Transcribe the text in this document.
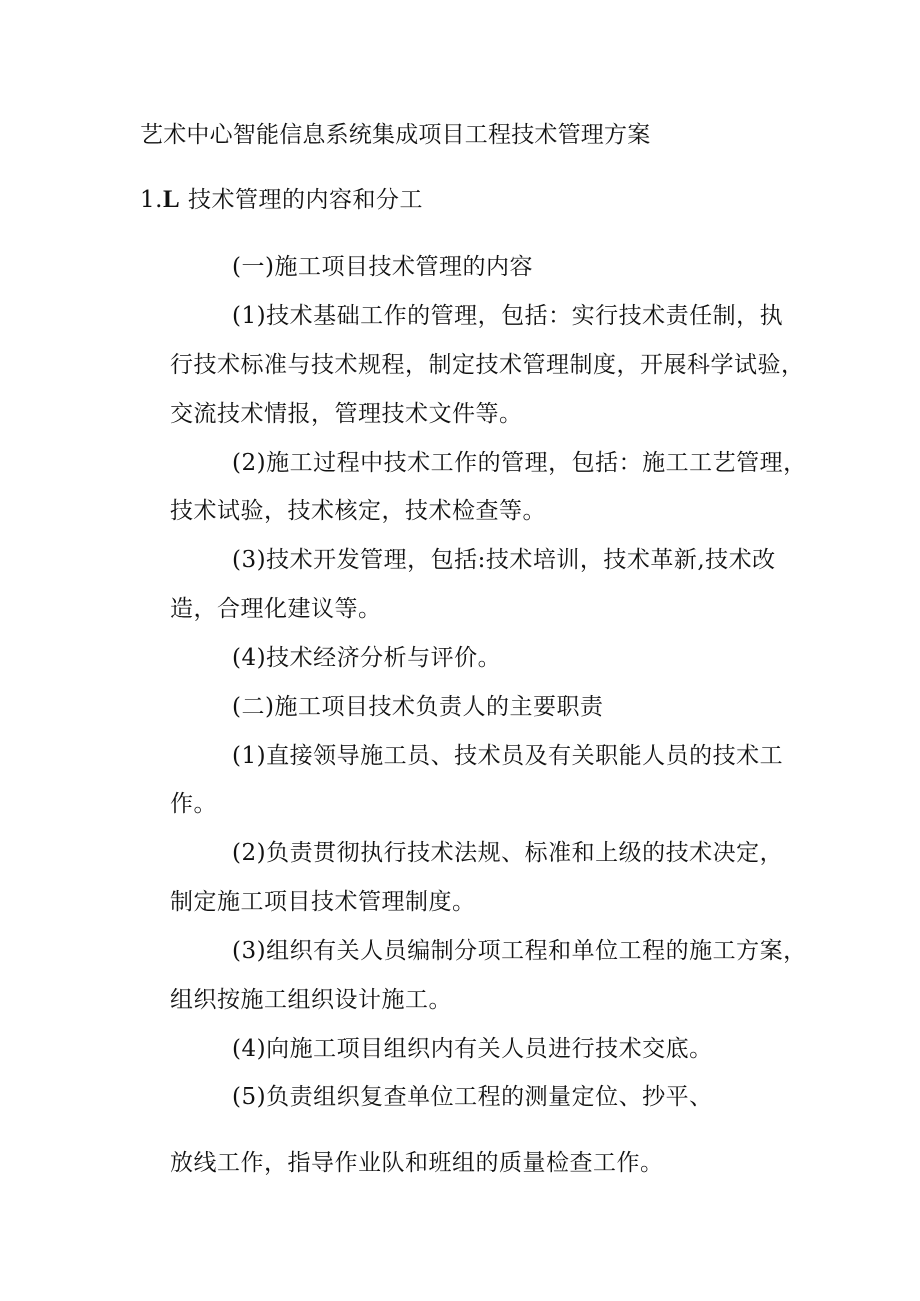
艺术中心智能信息系统集成项目工程技术管理方案
1.L 技术管理的内容和分工
(一)施工项目技术管理的内容
(1)技术基础工作的管理，包括：实行技术责任制，执
行技术标准与技术规程，制定技术管理制度，开展科学试验，
交流技术情报，管理技术文件等。
(2)施工过程中技术工作的管理，包括：施工工艺管理，
技术试验，技术核定，技术检查等。
(3)技术开发管理，包括:技术培训，技术革新,技术改
造，合理化建议等。
(4)技术经济分析与评价。
(二)施工项目技术负责人的主要职责
(1)直接领导施工员、技术员及有关职能人员的技术工
作。
(2)负责贯彻执行技术法规、标准和上级的技术决定，
制定施工项目技术管理制度。
(3)组织有关人员编制分项工程和单位工程的施工方案，
组织按施工组织设计施工。
(4)向施工项目组织内有关人员进行技术交底。
(5)负责组织复查单位工程的测量定位、抄平、
放线工作，指导作业队和班组的质量检查工作。
